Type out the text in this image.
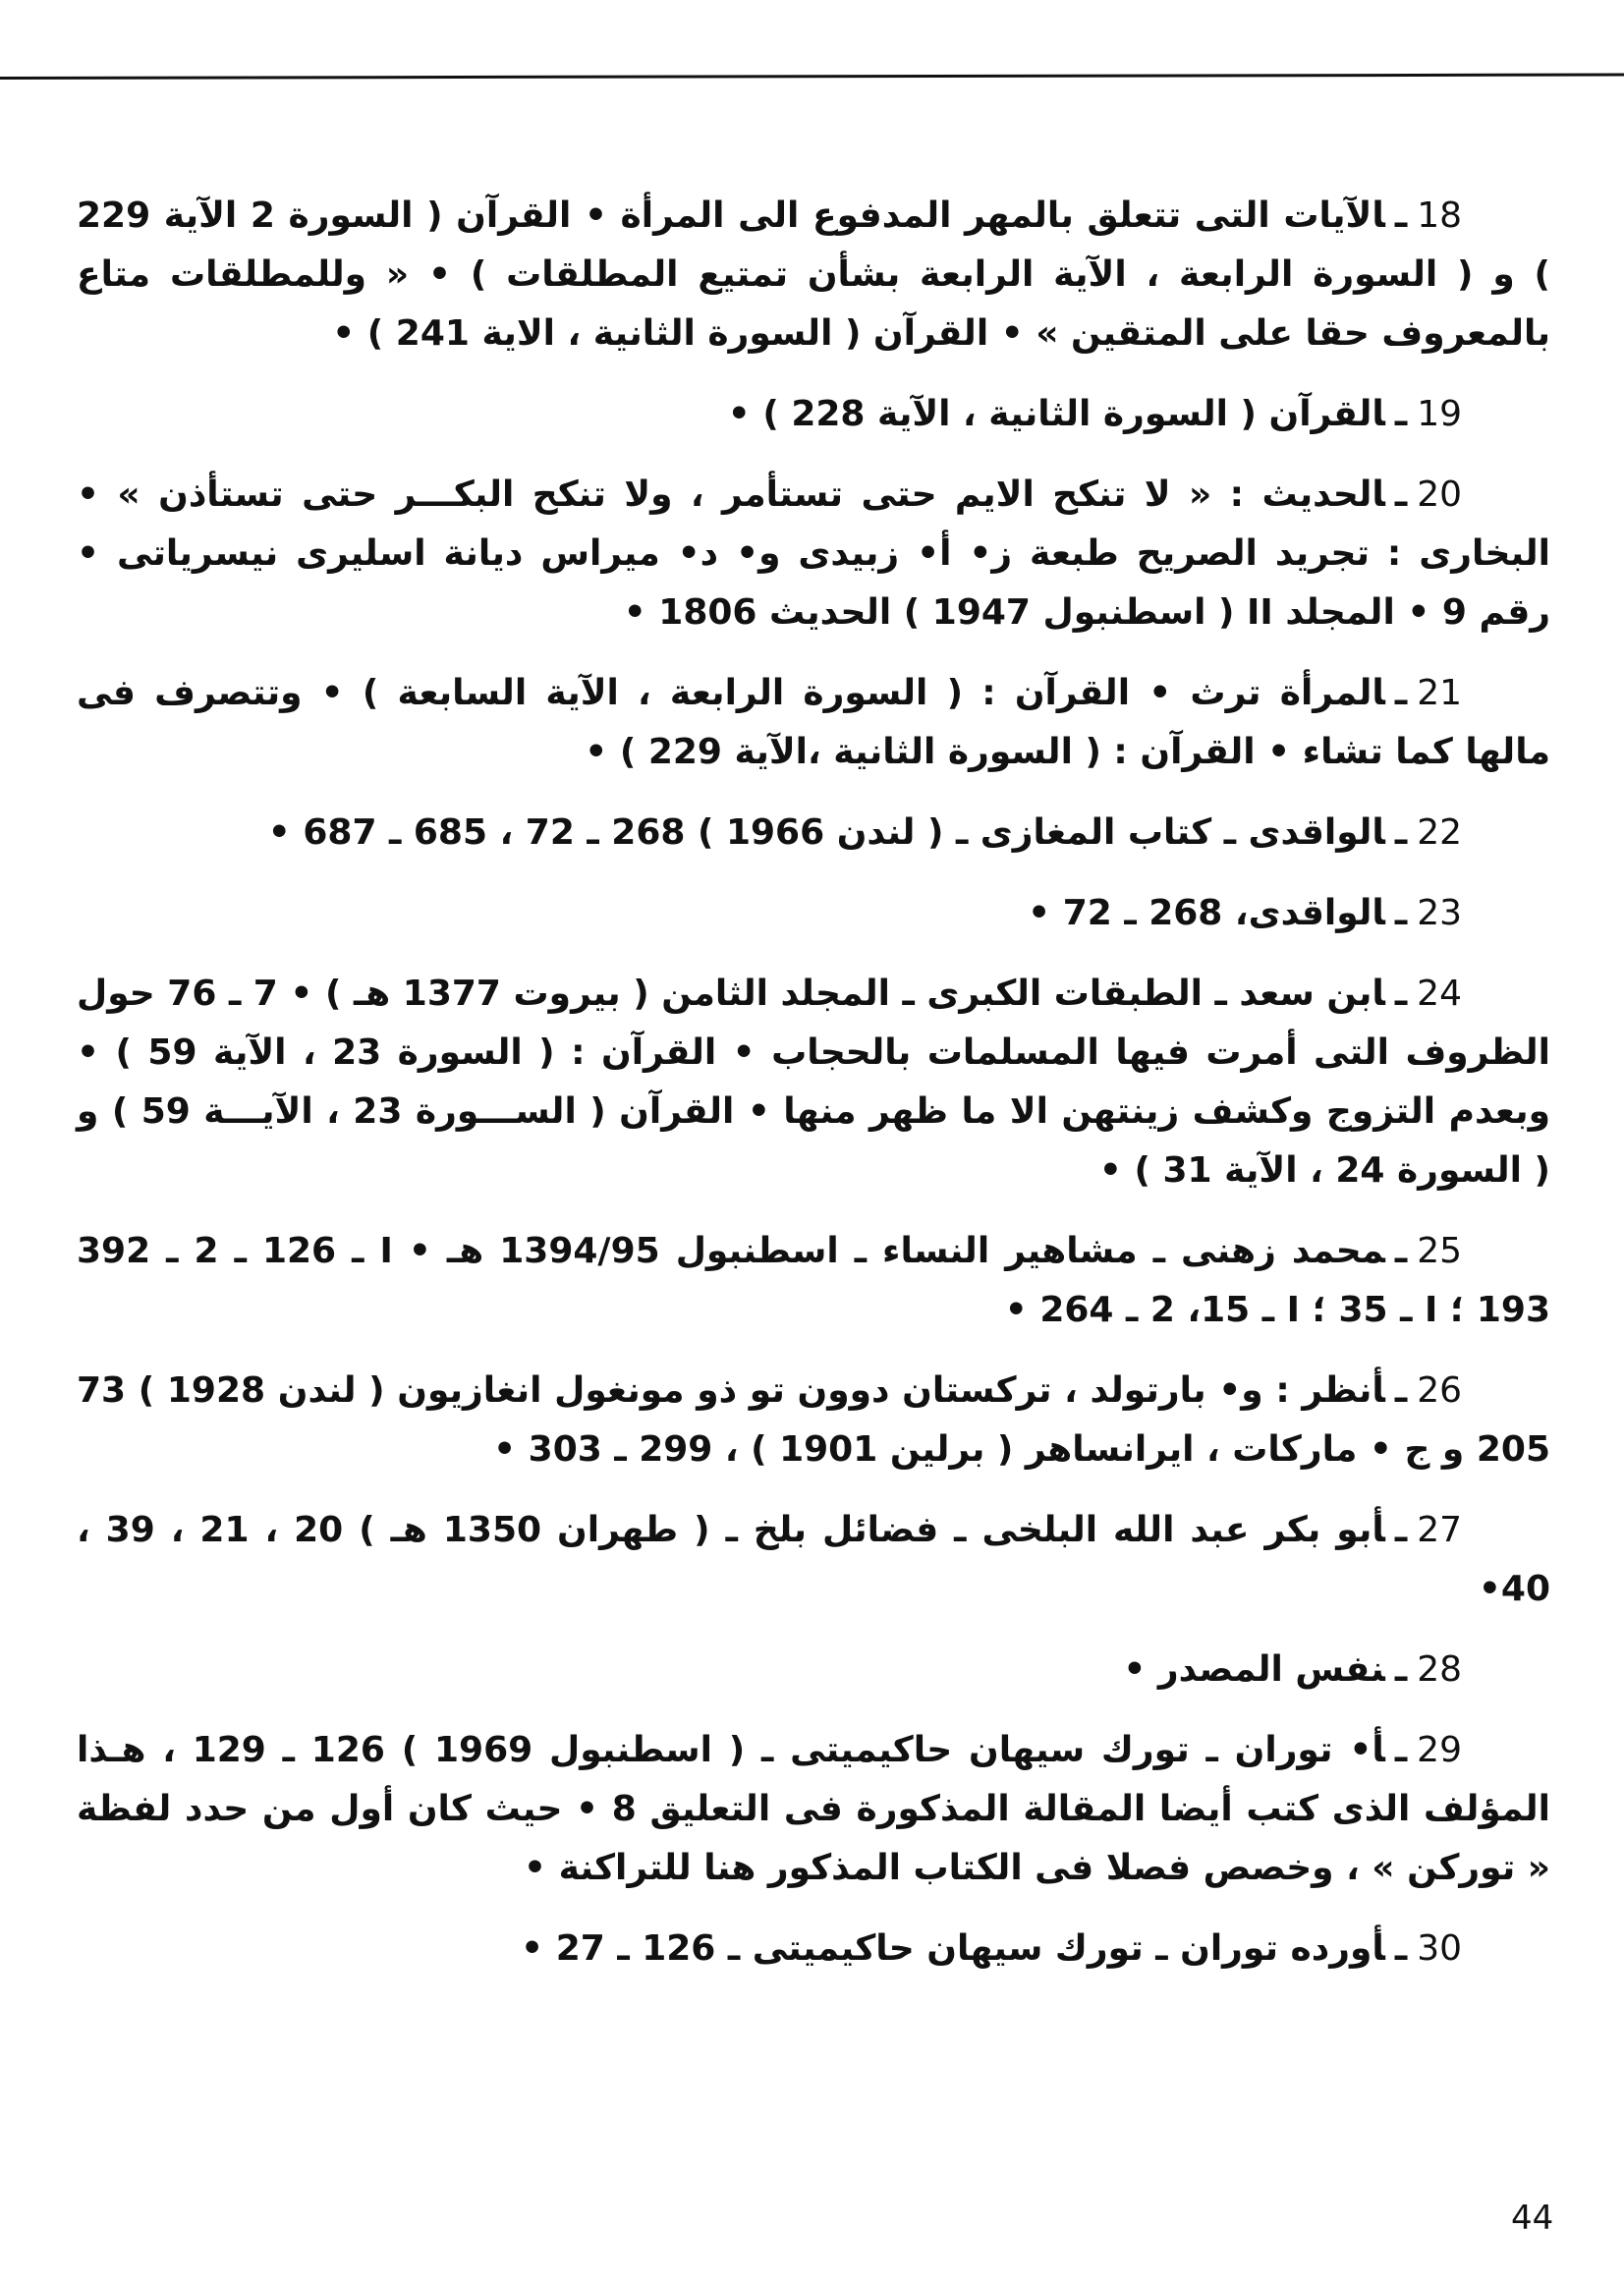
18ـالآيات التى تتعلق بالمهر المدفوع الى المرأة • القرآن ( السورة 2 الآية 229 ) و ( السورة الرابعة ، الآية الرابعة بشأن تمتيع المطلقات ) • « وللمطلقات متاع بالمعروف حقا على المتقين » • القرآن ( السورة الثانية ، الاية 241 ) •

19ـالقرآن ( السورة الثانية ، الآية 228 ) •

20ـالحديث : « لا تنكح الايم حتى تستأمر ، ولا تنكح البكـــر حتى تستأذن » • البخارى : تجريد الصريح طبعة ز• أ• زبيدى و• د• ميراس ديانة اسليرى نيسرياتى • رقم 9 • المجلد II ( اسطنبول 1947 ) الحديث 1806 •

21ـالمرأة ترث • القرآن : ( السورة الرابعة ، الآية السابعة ) • وتتصرف فى مالها كما تشاء • القرآن : ( السورة الثانية ،الآية 229 ) •

22ـالواقدى ـ كتاب المغازى ـ ( لندن 1966 ) 268 ـ 72 ، 685 ـ 687 •

23ـالواقدى، 268 ـ 72 •

24ـابن سعد ـ الطبقات الكبرى ـ المجلد الثامن ( بيروت 1377 هـ ) • 7 ـ 76 حول الظروف التى أمرت فيها المسلمات بالحجاب • القرآن : ( السورة 23 ، الآية 59 ) • وبعدم التزوج وكشف زينتهن الا ما ظهر منها • القرآن ( الســـورة 23 ، الآيـــة 59 ) و ( السورة 24 ، الآية 31 ) •

25ـمحمد زهنى ـ مشاهير النساء ـ اسطنبول 1394/95 هـ • I ـ 126 ـ 2 ـ 392 193 ؛ I ـ 35 ؛ I ـ 15، 2 ـ 264 •

26ـأنظر : و• بارتولد ، تركستان دوون تو ذو مونغول انغازيون ( لندن 1928 ) 73 205 و ج • ماركات ، ايرانساهر ( برلين 1901 ) ، 299 ـ 303 •

27ـأبو بكر عبد الله البلخى ـ فضائل بلخ ـ ( طهران 1350 هـ ) 20 ، 21 ، 39 ، 40•

28ـنفس المصدر •

29ـأ• توران ـ تورك سيهان حاكيميتى ـ ( اسطنبول 1969 ) 126 ـ 129 ، هـذا المؤلف الذى كتب أيضا المقالة المذكورة فى التعليق 8 • حيث كان أول من حدد لفظة « توركن » ، وخصص فصلا فى الكتاب المذكور هنا للتراكنة •

30ـأورده توران ـ تورك سيهان حاكيميتى ـ 126 ـ 27 •

44
